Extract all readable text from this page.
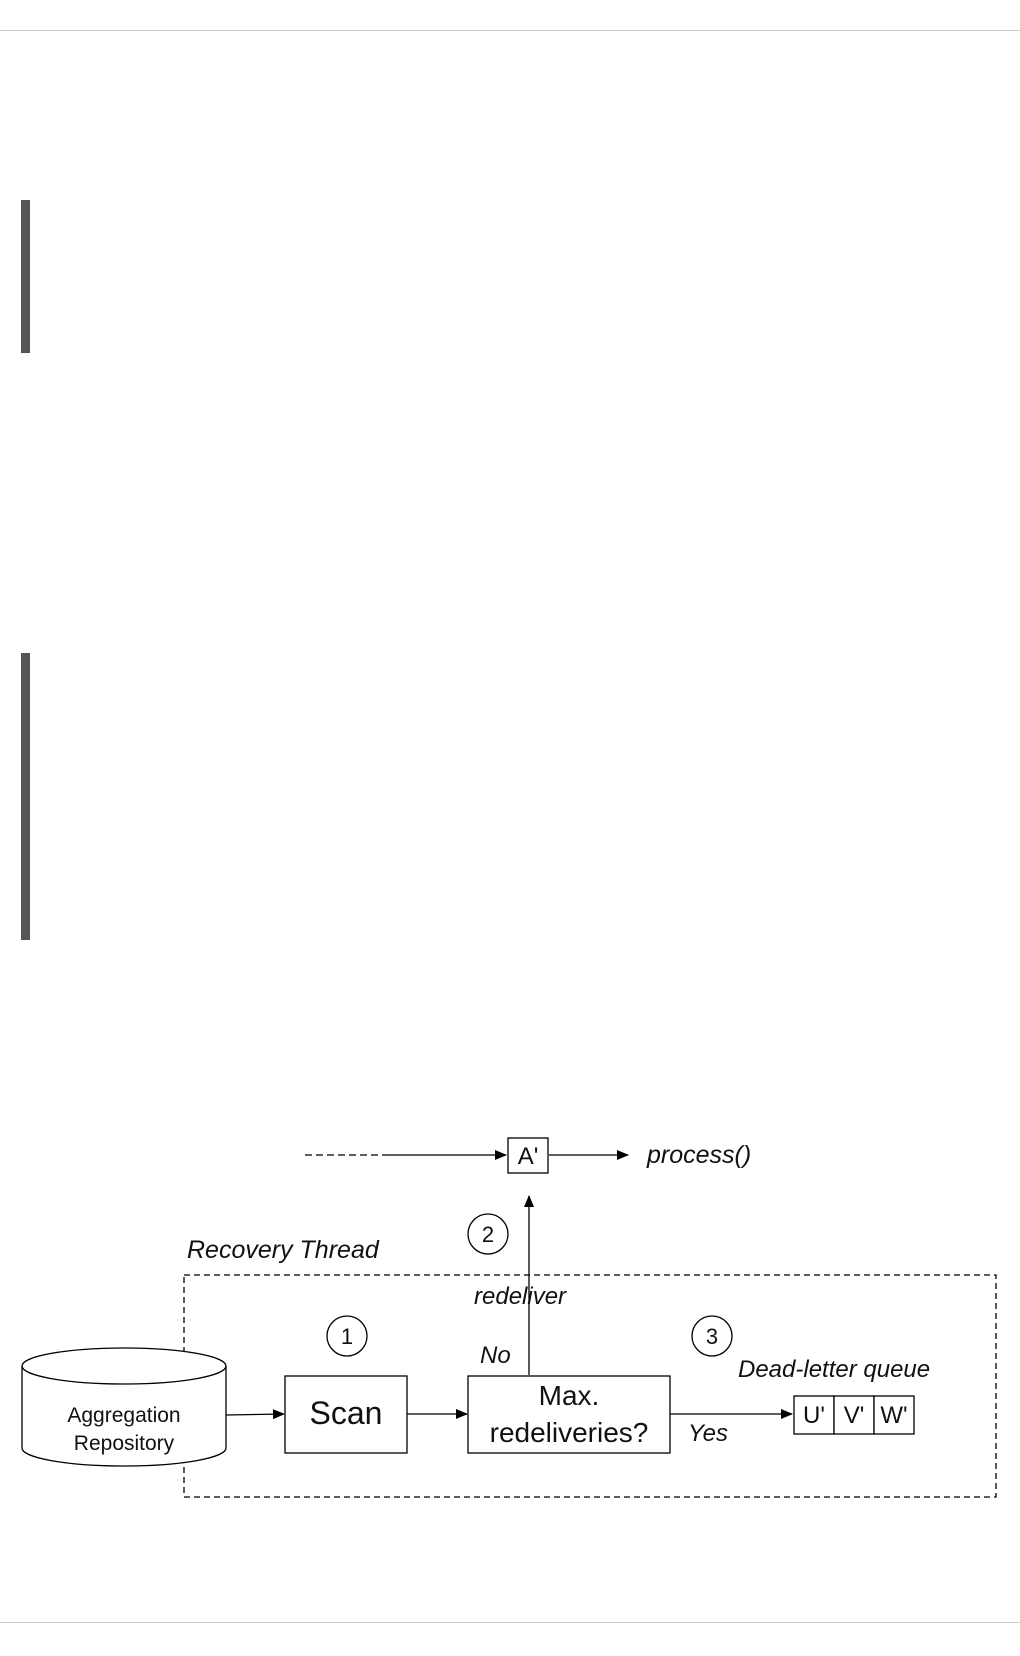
A'	process()
2
Recovery Thread
redeliver
1	3
No
Dead-letter queue
Aggregation
Repository
Scan	Max.
redeliveries? Yes
U' V' W'
